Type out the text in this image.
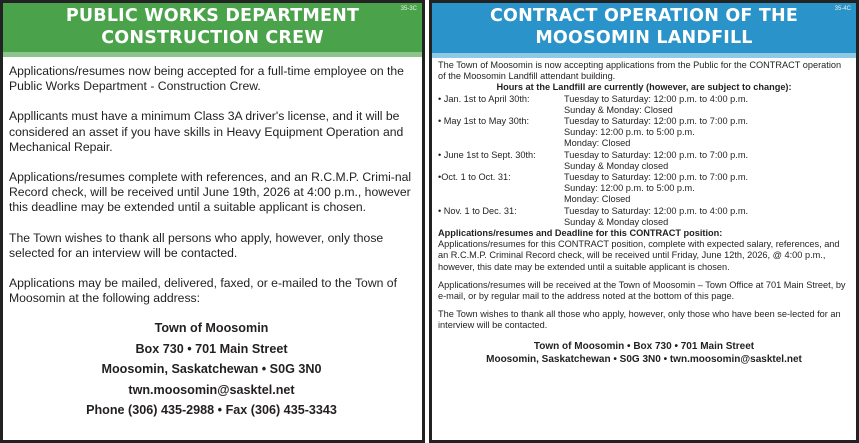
PUBLIC WORKS DEPARTMENT
CONSTRUCTION CREW
35-3C

Applications/resumes now being accepted for a full-time employee on the Public Works Department - Construction Crew.

Appllicants must have a minimum Class 3A driver's license, and it will be considered an asset if you have skills in Heavy Equipment Operation and Mechanical Repair.

Applications/resumes complete with references, and an R.C.M.P. Crimi-nal Record check, will be received until June 19th, 2026 at 4:00 p.m., however this deadline may be extended until a suitable applicant is chosen.

The Town wishes to thank all persons who apply, however, only those selected for an interview will be contacted.

Applications may be mailed, delivered, faxed, or e-mailed to the Town of Moosomin at the following address:

Town of Moosomin
Box 730 • 701 Main Street
Moosomin, Saskatchewan • S0G 3N0
twn.moosomin@sasktel.net
Phone (306) 435-2988 • Fax (306) 435-3343
CONTRACT OPERATION OF THE
MOOSOMIN LANDFILL
35-4C

The Town of Moosomin is now accepting applications from the Public for the CONTRACT operation of the Moosomin Landfill attendant building.

Hours at the Landfill are currently (however, are subject to change):

• Jan. 1st to April 30th:	Tuesday to Saturday: 12:00 p.m. to 4:00 p.m.
Sunday & Monday: Closed
• May 1st to May 30th:	Tuesday to Saturday: 12:00 p.m. to 7:00 p.m.
Sunday: 12:00 p.m. to 5:00 p.m.
Monday: Closed
• June 1st to Sept. 30th:	Tuesday to Saturday: 12:00 p.m. to 7:00 p.m.
Sunday & Monday closed
•Oct. 1 to Oct. 31:	Tuesday to Saturday: 12:00 p.m. to 7:00 p.m.
Sunday: 12:00 p.m. to 5:00 p.m.
Monday: Closed
• Nov. 1 to Dec. 31:	Tuesday to Saturday: 12:00 p.m. to 4:00 p.m.
Sunday & Monday closed

Applications/resumes and Deadline for this CONTRACT position:

Applications/resumes for this CONTRACT position, complete with expected salary, references, and an R.C.M.P. Criminal Record check, will be received until Friday, June 12th, 2026, @ 4:00 p.m., however, this date may be extended until a suitable applicant is chosen.

Applications/resumes will be received at the Town of Moosomin – Town Office at 701 Main Street, by e-mail, or by regular mail to the address noted at the bottom of this page.

The Town wishes to thank all those who apply, however, only those who have been se-lected for an interview will be contacted.

Town of Moosomin • Box 730 • 701 Main Street
Moosomin, Saskatchewan • S0G 3N0 • twn.moosomin@sasktel.net
